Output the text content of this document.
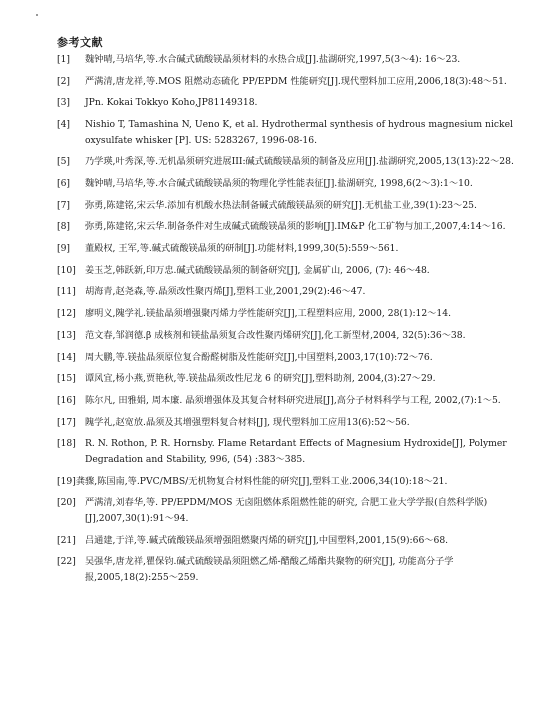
参考文献
[1]	魏钟晴,马培华,等.水合碱式硫酸镁晶须材料的水热合成[J].盐湖研究,1997,5(3～4): 16～23.
[2]	严满清,唐龙祥,等.MOS 阻燃动态硫化 PP/EPDM 性能研究[J].现代塑料加工应用,2006,18(3):48～51.
[3]	JPn. Kokai Tokkyo Koho,JP81149318.
[4]	Nishio T, Tamashina N, Ueno K, et al. Hydrothermal synthesis of hydrous magnesium nickel oxysulfate whisker [P]. US: 5283267, 1996-08-16.
[5]	乃学瑛,叶秀深,等.无机晶须研究进展III:碱式硫酸镁晶须的制备及应用[J].盐湖研究,2005,13(13):22～28.
[6]	魏钟晴,马培华,等.水合碱式硫酸镁晶须的物理化学性能表征[J].盐湖研究, 1998,6(2～3):1～10.
[7]	弥勇,陈建铭,宋云华.添加有机酸水热法制备碱式硫酸镁晶须的研究[J].无机盐工业,39(1):23～25.
[8]	弥勇,陈建铭,宋云华.制备条件对生成碱式硫酸镁晶须的影响[J].IM&P 化工矿物与加工,2007,4:14～16.
[9]	董殿权, 王军,等.碱式硫酸镁晶须的研制[J].功能材料,1999,30(5):559～561.
[10] 姜玉芝,韩跃新,印万忠.碱式硫酸镁晶须的制备研究[J], 金属矿山, 2006, (7): 46～48.
[11] 胡海青,赵尧森,等.晶须改性聚丙烯[J],塑料工业,2001,29(2):46～47.
[12] 廖明义,隗学礼.镁盐晶须增强聚丙烯力学性能研究[J],工程塑料应用, 2000, 28(1):12～14.
[13] 范文春,邹润德.β 成核剂和镁盐晶须复合改性聚丙烯研究[J],化工新型材,2004, 32(5):36～38.
[14] 周大鹏,等.镁盐晶须原位复合酚醛树脂及性能研究[J],中国塑料,2003,17(10):72～76.
[15] 谭风宜,杨小燕,贾艳秋,等.镁盐晶须改性尼龙 6 的研究[J],塑料助剂, 2004,(3):27～29.
[16] 陈尔凡, 田雅娟, 周本廉. 晶须增强体及其复合材料研究进展[J],高分子材料科学与工程, 2002,(7):1～5.
[17] 隗学礼,赵宽放.晶须及其增强塑料复合材料[J], 现代塑料加工应用13(6):52～56.
[18] R. N. Rothon, P. R. Hornsby. Flame Retardant Effects of Magnesium Hydroxide[J], Polymer Degradation and Stability, 996, (54) :383～385.
[19] 龚骤,陈国南,等.PVC/MBS/无机物复合材料性能的研究[J],塑料工业.2006,34(10):18～21.
[20] 严满清,刘春华,等. PP/EPDM/MOS 无卤阻燃体系阻燃性能的研究, 合肥工业大学学报(自然科学版)[J],2007,30(1):91～94.
[21] 吕通建,于洋,等.碱式硫酸镁晶须增强阻燃聚丙烯的研究[J],中国塑料,2001,15(9):66～68.
[22] 吴强华,唐龙祥,瞿保钧.碱式硫酸镁晶须阻燃乙烯-醋酸乙烯酯共聚物的研究[J], 功能高分子学报,2005,18(2):255～259.
